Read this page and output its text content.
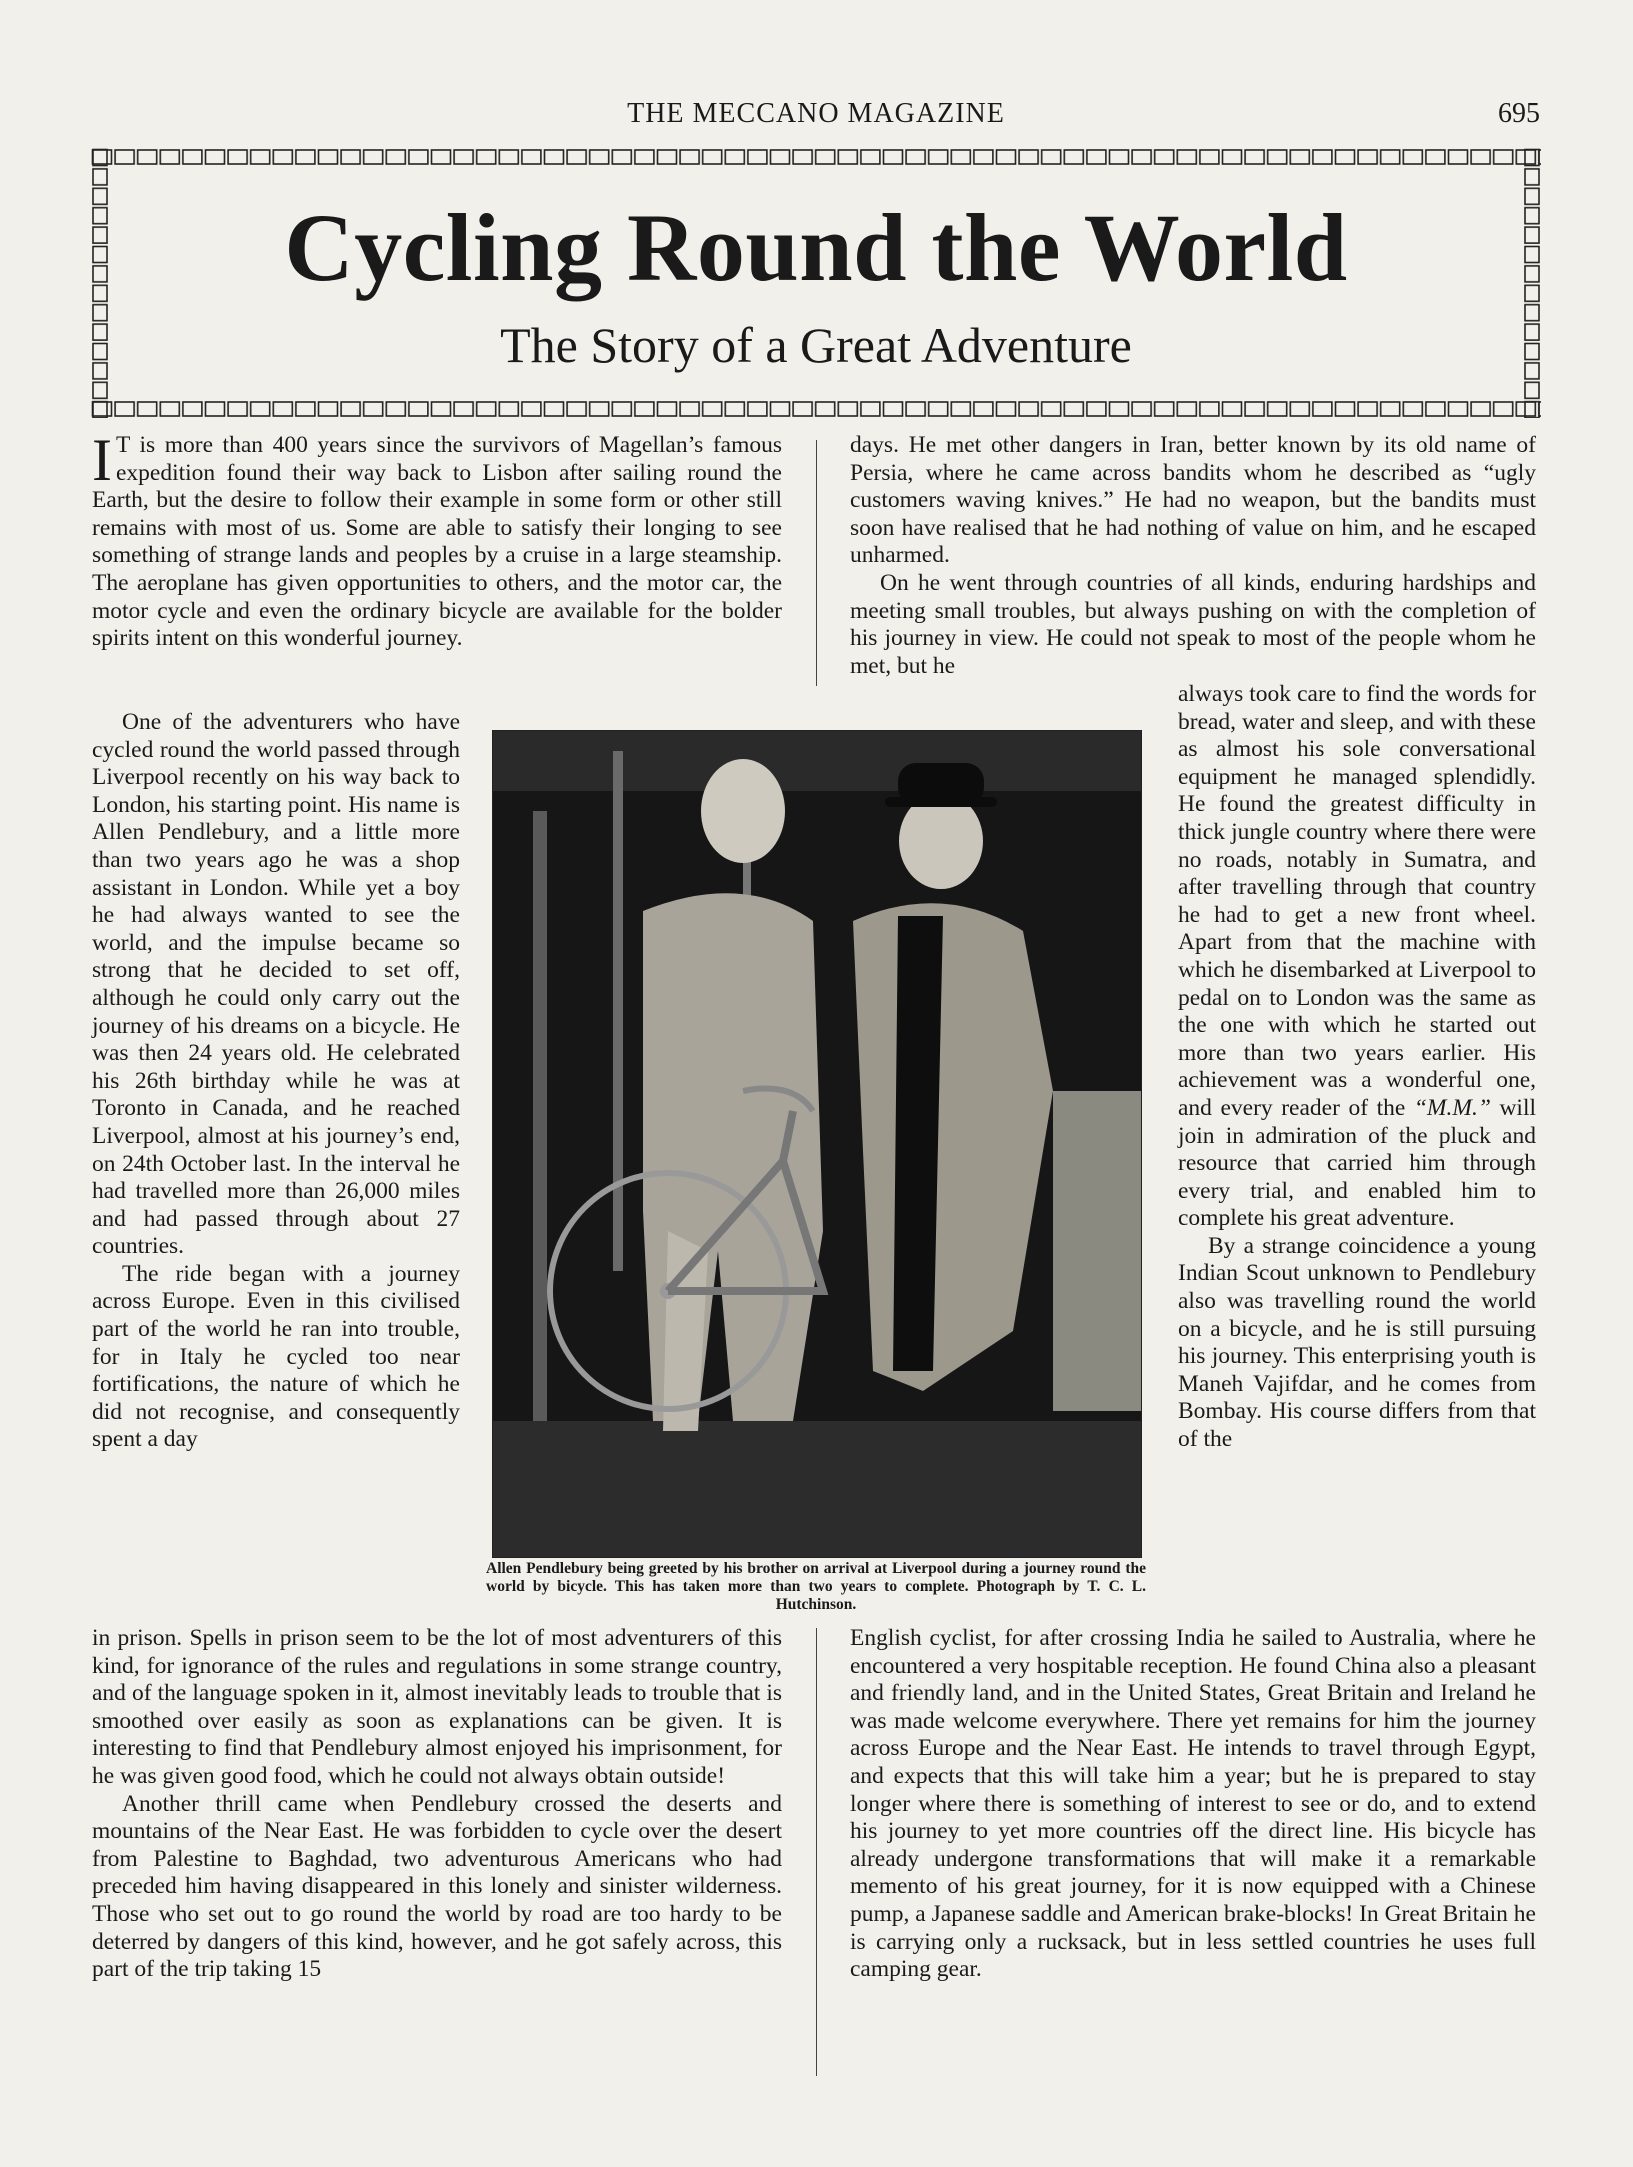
THE MECCANO MAGAZINE	695
Cycling Round the World
The Story of a Great Adventure

I T is more than 400 years since the survivors of Magellan’s famous expedition found their way back to Lisbon after sailing round the Earth, but the desire to follow their example in some form or other still remains with most of us. Some are able to satisfy their longing to see something of strange lands and peoples by a cruise in a large steamship. The aeroplane has given opportunities to others, and the motor car, the motor cycle and even the ordinary bicycle are available for the bolder spirits intent on this wonderful journey.

One of the adventurers who have cycled round the world passed through Liverpool recently on his way back to London, his starting point. His name is Allen Pendlebury, and a little more than two years ago he was a shop assistant in London. While yet a boy he had always wanted to see the world, and the impulse became so strong that he decided to set off, although he could only carry out the journey of his dreams on a bicycle. He was then 24 years old. He celebrated his 26th birthday while he was at Toronto in Canada, and he reached Liverpool, almost at his journey’s end, on 24th October last. In the interval he had travelled more than 26,000 miles and had passed through about 27 countries.

The ride began with a journey across Europe. Even in this civilised part of the world he ran into trouble, for in Italy he cycled too near fortifications, the nature of which he did not recognise, and consequently spent a day

in prison. Spells in prison seem to be the lot of most adventurers of this kind, for ignorance of the rules and regulations in some strange country, and of the language spoken in it, almost inevitably leads to trouble that is smoothed over easily as soon as explanations can be given. It is interesting to find that Pendlebury almost enjoyed his imprisonment, for he was given good food, which he could not always obtain outside!

Another thrill came when Pendlebury crossed the deserts and mountains of the Near East. He was forbidden to cycle over the desert from Palestine to Baghdad, two adventurous Americans who had preceded him having disappeared in this lonely and sinister wilderness. Those who set out to go round the world by road are too hardy to be deterred by dangers of this kind, however, and he got safely across, this part of the trip taking 15

days. He met other dangers in Iran, better known by its old name of Persia, where he came across bandits whom he described as “ugly customers waving knives.” He had no weapon, but the bandits must soon have realised that he had nothing of value on him, and he escaped unharmed.

On he went through countries of all kinds, enduring hardships and meeting small troubles, but always pushing on with the completion of his journey in view. He could not speak to most of the people whom he met, but he

always took care to find the words for bread, water and sleep, and with these as almost his sole conversational equipment he managed splendidly. He found the greatest difficulty in thick jungle country where there were no roads, notably in Sumatra, and after travelling through that country he had to get a new front wheel. Apart from that the machine with which he disembarked at Liverpool to pedal on to London was the same as the one with which he started out more than two years earlier. His achievement was a wonderful one, and every reader of the “M.M.” will join in admiration of the pluck and resource that carried him through every trial, and enabled him to complete his great adventure.

By a strange coincidence a young Indian Scout unknown to Pendlebury also was travelling round the world on a bicycle, and he is still pursuing his journey. This enterprising youth is Maneh Vajifdar, and he comes from Bombay. His course differs from that of the

English cyclist, for after crossing India he sailed to Australia, where he encountered a very hospitable reception. He found China also a pleasant and friendly land, and in the United States, Great Britain and Ireland he was made welcome everywhere. There yet remains for him the journey across Europe and the Near East. He intends to travel through Egypt, and expects that this will take him a year; but he is prepared to stay longer where there is something of interest to see or do, and to extend his journey to yet more countries off the direct line. His bicycle has already undergone transformations that will make it a remarkable memento of his great journey, for it is now equipped with a Chinese pump, a Japanese saddle and American brake-blocks! In Great Britain he is carrying only a rucksack, but in less settled countries he uses full camping gear.

Allen Pendlebury being greeted by his brother on arrival at Liverpool during a journey round the world by bicycle. This has taken more than two years to complete. Photograph by T. C. L. Hutchinson.
